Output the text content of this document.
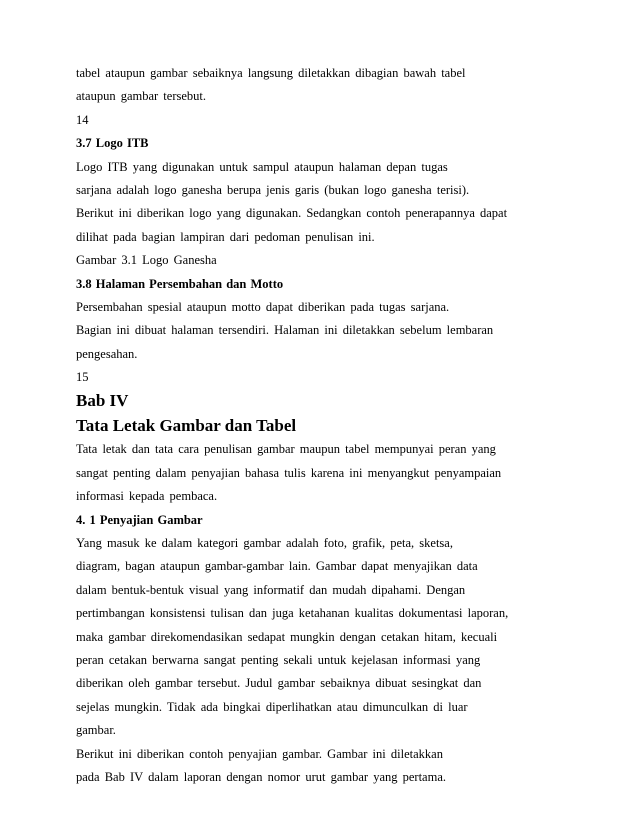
tabel ataupun gambar sebaiknya langsung diletakkan dibagian bawah tabel
ataupun gambar tersebut.
14
3.7 Logo ITB
Logo ITB yang digunakan untuk sampul ataupun halaman depan tugas
sarjana adalah logo ganesha berupa jenis garis (bukan logo ganesha terisi).
Berikut ini diberikan logo yang digunakan. Sedangkan contoh penerapannya dapat
dilihat pada bagian lampiran dari pedoman penulisan ini.
Gambar 3.1 Logo Ganesha
3.8 Halaman Persembahan dan Motto
Persembahan spesial ataupun motto dapat diberikan pada tugas sarjana.
Bagian ini dibuat halaman tersendiri. Halaman ini diletakkan sebelum lembaran
pengesahan.
15
Bab IV
Tata Letak Gambar dan Tabel
Tata letak dan tata cara penulisan gambar maupun tabel mempunyai peran yang
sangat penting dalam penyajian bahasa tulis karena ini menyangkut penyampaian
informasi kepada pembaca.
4. 1 Penyajian Gambar
Yang masuk ke dalam kategori gambar adalah foto, grafik, peta, sketsa,
diagram, bagan ataupun gambar-gambar lain. Gambar dapat menyajikan data
dalam bentuk-bentuk visual yang informatif dan mudah dipahami. Dengan
pertimbangan konsistensi tulisan dan juga ketahanan kualitas dokumentasi laporan,
maka gambar direkomendasikan sedapat mungkin dengan cetakan hitam, kecuali
peran cetakan berwarna sangat penting sekali untuk kejelasan informasi yang
diberikan oleh gambar tersebut. Judul gambar sebaiknya dibuat sesingkat dan
sejelas mungkin. Tidak ada bingkai diperlihatkan atau dimunculkan di luar
gambar.
Berikut ini diberikan contoh penyajian gambar. Gambar ini diletakkan
pada Bab IV dalam laporan dengan nomor urut gambar yang pertama.
